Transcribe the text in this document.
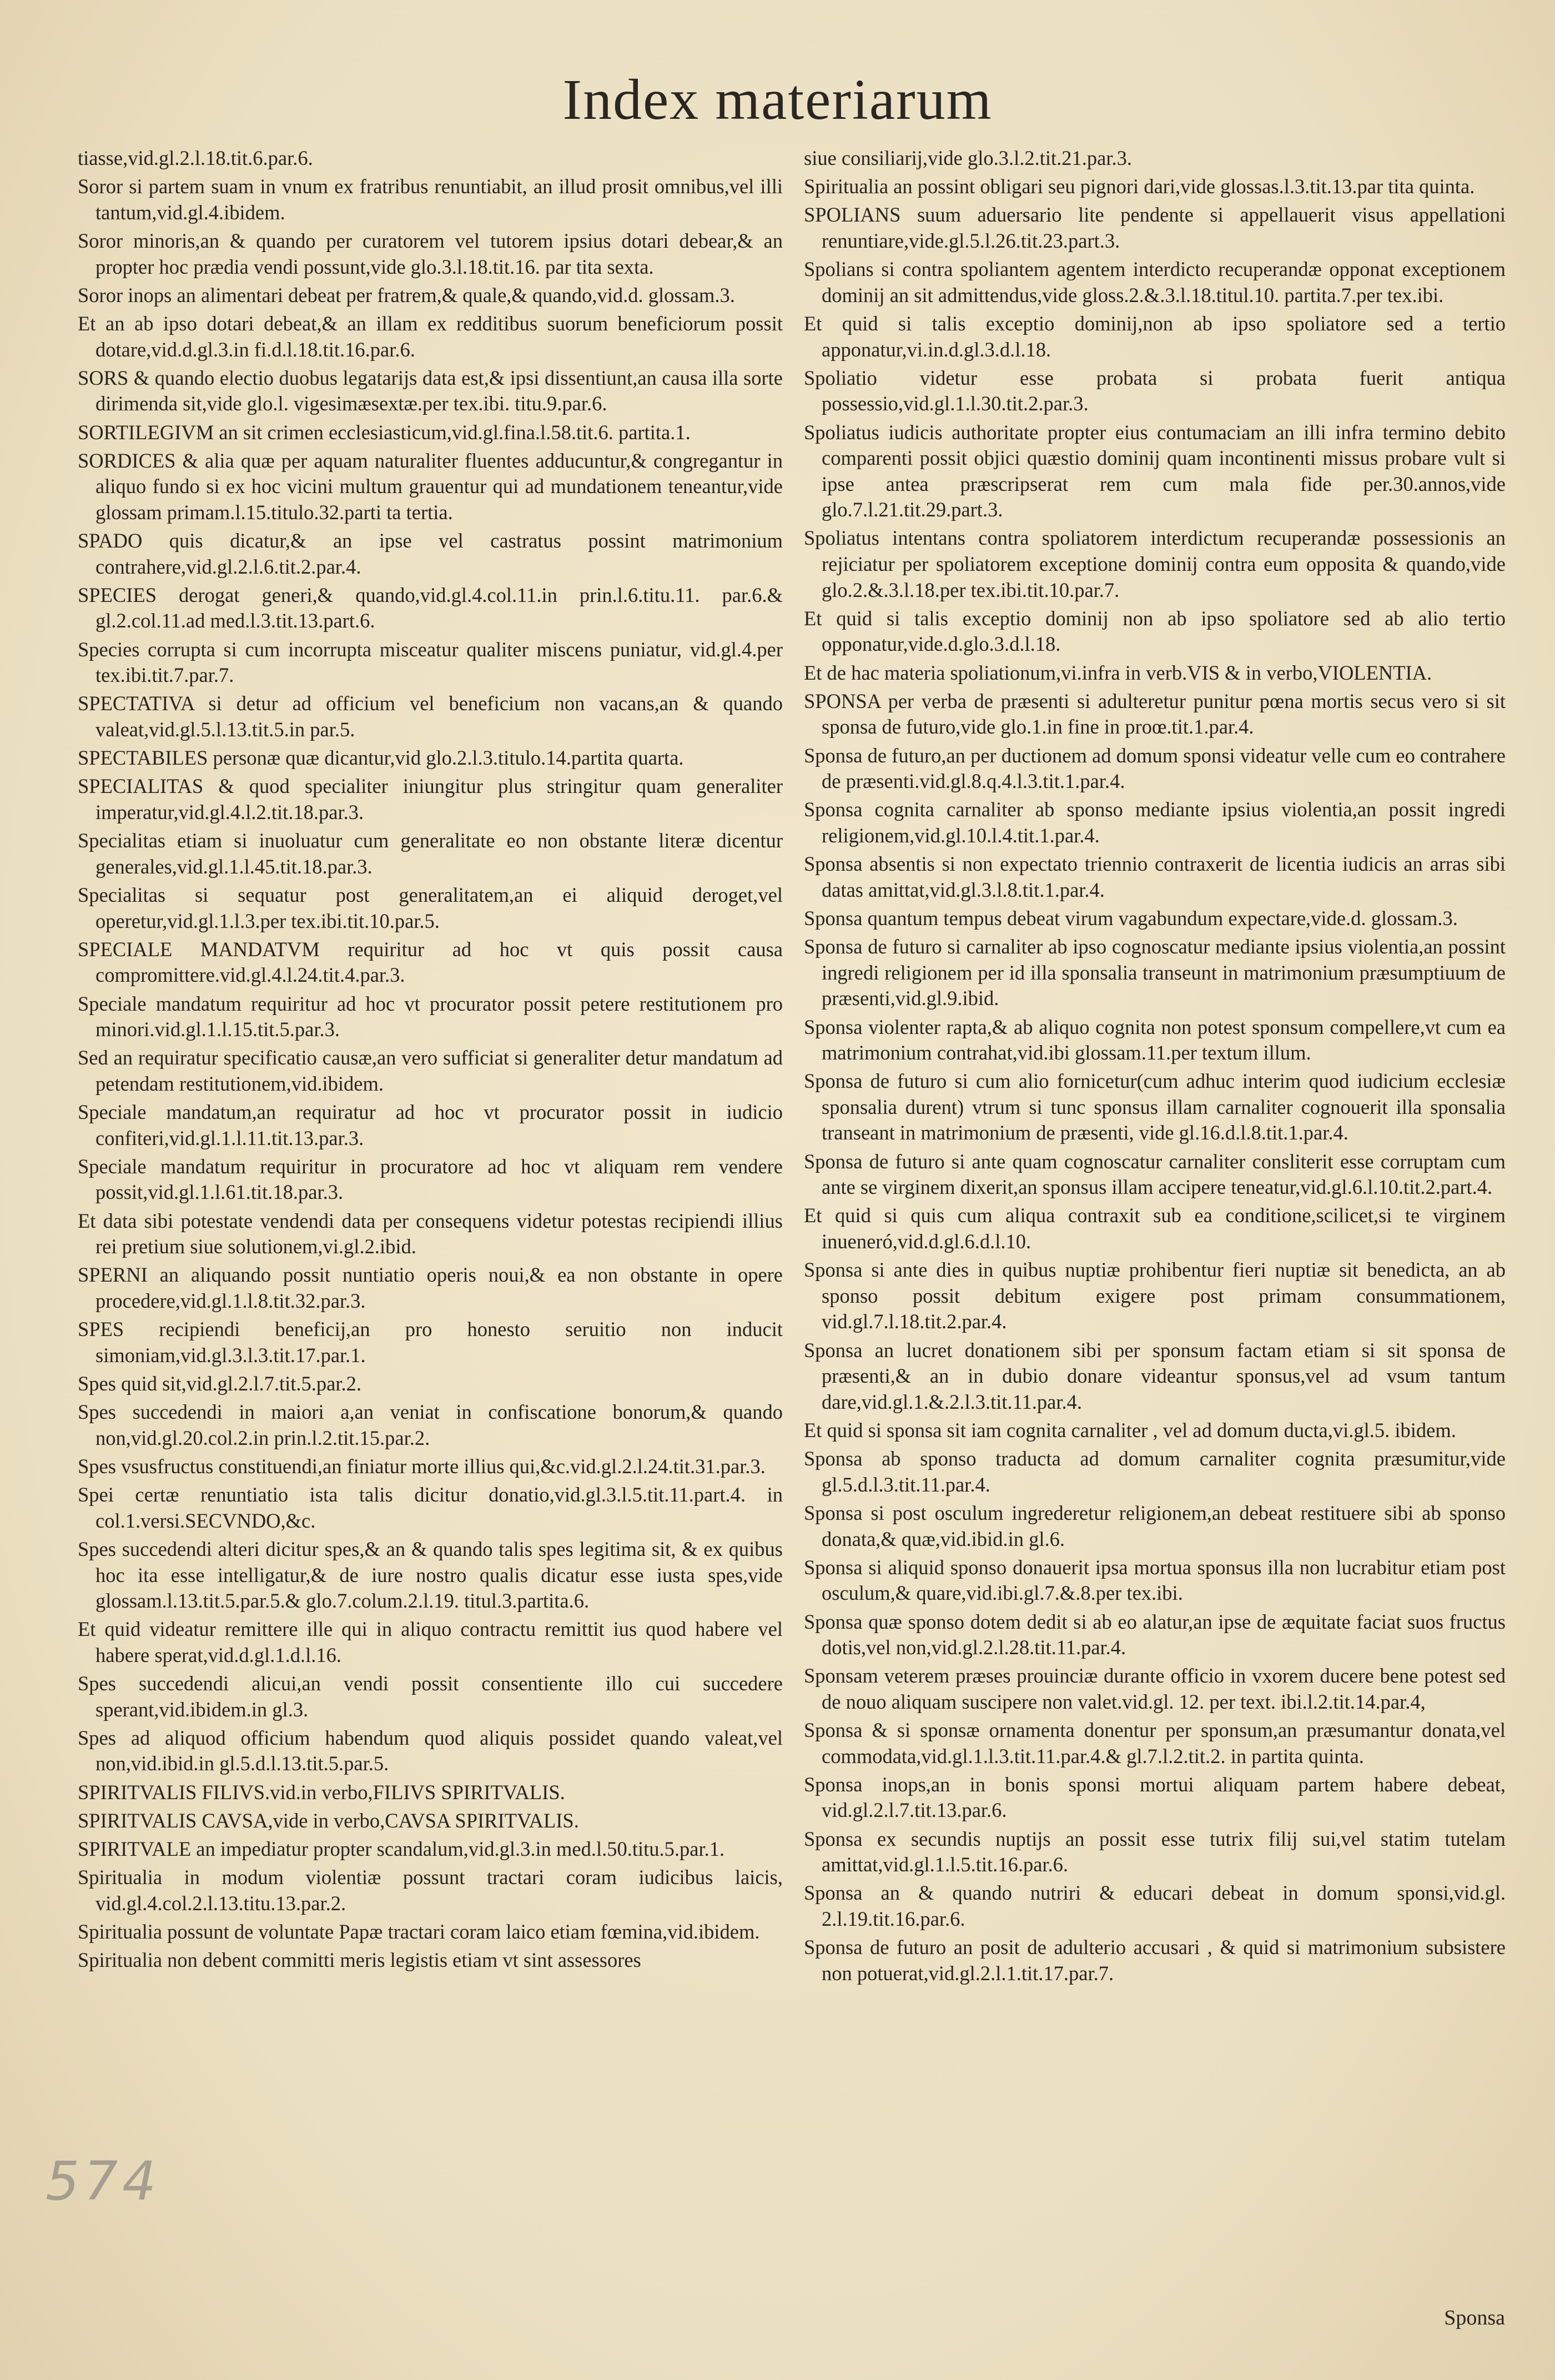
Index materiarum

tiasse,vid.gl.2.l.18.tit.6.par.6.

Soror si partem suam in vnum ex fratribus renuntiabit, an illud prosit omnibus,vel illi tantum,vid.gl.4.ibidem.

Soror minoris,an & quando per curatorem vel tutorem ipsius dotari debear,& an propter hoc prædia vendi possunt,vide glo.3.l.18.tit.16. par tita sexta.

Soror inops an alimentari debeat per fratrem,& quale,& quando,vid.d. glossam.3.

Et an ab ipso dotari debeat,& an illam ex redditibus suorum beneficiorum possit dotare,vid.d.gl.3.in fi.d.l.18.tit.16.par.6.

SORS & quando electio duobus legatarijs data est,& ipsi dissentiunt,an causa illa sorte dirimenda sit,vide glo.l. vigesimæsextæ.per tex.ibi. titu.9.par.6.

SORTILEGIVM an sit crimen ecclesiasticum,vid.gl.fina.l.58.tit.6. partita.1.

SORDICES & alia quæ per aquam naturaliter fluentes adducuntur,& congregantur in aliquo fundo si ex hoc vicini multum grauentur qui ad mundationem teneantur,vide glossam primam.l.15.titulo.32.parti ta tertia.

SPADO quis dicatur,& an ipse vel castratus possint matrimonium contrahere,vid.gl.2.l.6.tit.2.par.4.

SPECIES derogat generi,& quando,vid.gl.4.col.11.in prin.l.6.titu.11. par.6.& gl.2.col.11.ad med.l.3.tit.13.part.6.

Species corrupta si cum incorrupta misceatur qualiter miscens puniatur, vid.gl.4.per tex.ibi.tit.7.par.7.

SPECTATIVA si detur ad officium vel beneficium non vacans,an & quando valeat,vid.gl.5.l.13.tit.5.in par.5.

SPECTABILES personæ quæ dicantur,vid glo.2.l.3.titulo.14.partita quarta.

SPECIALITAS & quod specialiter iniungitur plus stringitur quam generaliter imperatur,vid.gl.4.l.2.tit.18.par.3.

Specialitas etiam si inuoluatur cum generalitate eo non obstante literæ dicentur generales,vid.gl.1.l.45.tit.18.par.3.

Specialitas si sequatur post generalitatem,an ei aliquid deroget,vel operetur,vid.gl.1.l.3.per tex.ibi.tit.10.par.5.

SPECIALE MANDATVM requiritur ad hoc vt quis possit causa compromittere.vid.gl.4.l.24.tit.4.par.3.

Speciale mandatum requiritur ad hoc vt procurator possit petere restitutionem pro minori.vid.gl.1.l.15.tit.5.par.3.

Sed an requiratur specificatio causæ,an vero sufficiat si generaliter detur mandatum ad petendam restitutionem,vid.ibidem.

Speciale mandatum,an requiratur ad hoc vt procurator possit in iudicio confiteri,vid.gl.1.l.11.tit.13.par.3.

Speciale mandatum requiritur in procuratore ad hoc vt aliquam rem vendere possit,vid.gl.1.l.61.tit.18.par.3.

Et data sibi potestate vendendi data per consequens videtur potestas recipiendi illius rei pretium siue solutionem,vi.gl.2.ibid.

SPERNI an aliquando possit nuntiatio operis noui,& ea non obstante in opere procedere,vid.gl.1.l.8.tit.32.par.3.

SPES recipiendi beneficij,an pro honesto seruitio non inducit simoniam,vid.gl.3.l.3.tit.17.par.1.

Spes quid sit,vid.gl.2.l.7.tit.5.par.2.

Spes succedendi in maiori a,an veniat in confiscatione bonorum,& quando non,vid.gl.20.col.2.in prin.l.2.tit.15.par.2.

Spes vsusfructus constituendi,an finiatur morte illius qui,&c.vid.gl.2.l.24.tit.31.par.3.

Spei certæ renuntiatio ista talis dicitur donatio,vid.gl.3.l.5.tit.11.part.4. in col.1.versi.SECVNDO,&c.

Spes succedendi alteri dicitur spes,& an & quando talis spes legitima sit, & ex quibus hoc ita esse intelligatur,& de iure nostro qualis dicatur esse iusta spes,vide glossam.l.13.tit.5.par.5.& glo.7.colum.2.l.19. titul.3.partita.6.

Et quid videatur remittere ille qui in aliquo contractu remittit ius quod habere vel habere sperat,vid.d.gl.1.d.l.16.

Spes succedendi alicui,an vendi possit consentiente illo cui succedere sperant,vid.ibidem.in gl.3.

Spes ad aliquod officium habendum quod aliquis possidet quando valeat,vel non,vid.ibid.in gl.5.d.l.13.tit.5.par.5.

SPIRITVALIS FILIVS.vid.in verbo,FILIVS SPIRITVALIS.

SPIRITVALIS CAVSA,vide in verbo,CAVSA SPIRITVALIS.

SPIRITVALE an impediatur propter scandalum,vid.gl.3.in med.l.50.titu.5.par.1.

Spiritualia in modum violentiæ possunt tractari coram iudicibus laicis, vid.gl.4.col.2.l.13.titu.13.par.2.

Spiritualia possunt de voluntate Papæ tractari coram laico etiam fœmina,vid.ibidem.

Spiritualia non debent committi meris legistis etiam vt sint assessores

siue consiliarij,vide glo.3.l.2.tit.21.par.3.

Spiritualia an possint obligari seu pignori dari,vide glossas.l.3.tit.13.par tita quinta.

SPOLIANS suum aduersario lite pendente si appellauerit visus appellationi renuntiare,vide.gl.5.l.26.tit.23.part.3.

Spolians si contra spoliantem agentem interdicto recuperandæ opponat exceptionem dominij an sit admittendus,vide gloss.2.&.3.l.18.titul.10. partita.7.per tex.ibi.

Et quid si talis exceptio dominij,non ab ipso spoliatore sed a tertio apponatur,vi.in.d.gl.3.d.l.18.

Spoliatio videtur esse probata si probata fuerit antiqua possessio,vid.gl.1.l.30.tit.2.par.3.

Spoliatus iudicis authoritate propter eius contumaciam an illi infra termino debito comparenti possit objici quæstio dominij quam incontinenti missus probare vult si ipse antea præscripserat rem cum mala fide per.30.annos,vide glo.7.l.21.tit.29.part.3.

Spoliatus intentans contra spoliatorem interdictum recuperandæ possessionis an rejiciatur per spoliatorem exceptione dominij contra eum opposita & quando,vide glo.2.&.3.l.18.per tex.ibi.tit.10.par.7.

Et quid si talis exceptio dominij non ab ipso spoliatore sed ab alio tertio opponatur,vide.d.glo.3.d.l.18.

Et de hac materia spoliationum,vi.infra in verb.VIS & in verbo,VIOLENTIA.

SPONSA per verba de præsenti si adulteretur punitur pœna mortis secus vero si sit sponsa de futuro,vide glo.1.in fine in proœ.tit.1.par.4.

Sponsa de futuro,an per ductionem ad domum sponsi videatur velle cum eo contrahere de præsenti.vid.gl.8.q.4.l.3.tit.1.par.4.

Sponsa cognita carnaliter ab sponso mediante ipsius violentia,an possit ingredi religionem,vid.gl.10.l.4.tit.1.par.4.

Sponsa absentis si non expectato triennio contraxerit de licentia iudicis an arras sibi datas amittat,vid.gl.3.l.8.tit.1.par.4.

Sponsa quantum tempus debeat virum vagabundum expectare,vide.d. glossam.3.

Sponsa de futuro si carnaliter ab ipso cognoscatur mediante ipsius violentia,an possint ingredi religionem per id illa sponsalia transeunt in matrimonium præsumptiuum de præsenti,vid.gl.9.ibid.

Sponsa violenter rapta,& ab aliquo cognita non potest sponsum compellere,vt cum ea matrimonium contrahat,vid.ibi glossam.11.per textum illum.

Sponsa de futuro si cum alio fornicetur(cum adhuc interim quod iudicium ecclesiæ sponsalia durent) vtrum si tunc sponsus illam carnaliter cognouerit illa sponsalia transeant in matrimonium de præsenti, vide gl.16.d.l.8.tit.1.par.4.

Sponsa de futuro si ante quam cognoscatur carnaliter consliterit esse corruptam cum ante se virginem dixerit,an sponsus illam accipere teneatur,vid.gl.6.l.10.tit.2.part.4.

Et quid si quis cum aliqua contraxit sub ea conditione,scilicet,si te virginem inueneró,vid.d.gl.6.d.l.10.

Sponsa si ante dies in quibus nuptiæ prohibentur fieri nuptiæ sit benedicta, an ab sponso possit debitum exigere post primam consummationem, vid.gl.7.l.18.tit.2.par.4.

Sponsa an lucret donationem sibi per sponsum factam etiam si sit sponsa de præsenti,& an in dubio donare videantur sponsus,vel ad vsum tantum dare,vid.gl.1.&.2.l.3.tit.11.par.4.

Et quid si sponsa sit iam cognita carnaliter , vel ad domum ducta,vi.gl.5. ibidem.

Sponsa ab sponso traducta ad domum carnaliter cognita præsumitur,vide gl.5.d.l.3.tit.11.par.4.

Sponsa si post osculum ingrederetur religionem,an debeat restituere sibi ab sponso donata,& quæ,vid.ibid.in gl.6.

Sponsa si aliquid sponso donauerit ipsa mortua sponsus illa non lucrabitur etiam post osculum,& quare,vid.ibi.gl.7.&.8.per tex.ibi.

Sponsa quæ sponso dotem dedit si ab eo alatur,an ipse de æquitate faciat suos fructus dotis,vel non,vid.gl.2.l.28.tit.11.par.4.

Sponsam veterem præses prouinciæ durante officio in vxorem ducere bene potest sed de nouo aliquam suscipere non valet.vid.gl. 12. per text. ibi.l.2.tit.14.par.4,

Sponsa & si sponsæ ornamenta donentur per sponsum,an præsumantur donata,vel commodata,vid.gl.1.l.3.tit.11.par.4.& gl.7.l.2.tit.2. in partita quinta.

Sponsa inops,an in bonis sponsi mortui aliquam partem habere debeat, vid.gl.2.l.7.tit.13.par.6.

Sponsa ex secundis nuptijs an possit esse tutrix filij sui,vel statim tutelam amittat,vid.gl.1.l.5.tit.16.par.6.

Sponsa an & quando nutriri & educari debeat in domum sponsi,vid.gl. 2.l.19.tit.16.par.6.

Sponsa de futuro an posit de adulterio accusari , & quid si matrimonium subsistere non potuerat,vid.gl.2.l.1.tit.17.par.7.

Sponsa
574
